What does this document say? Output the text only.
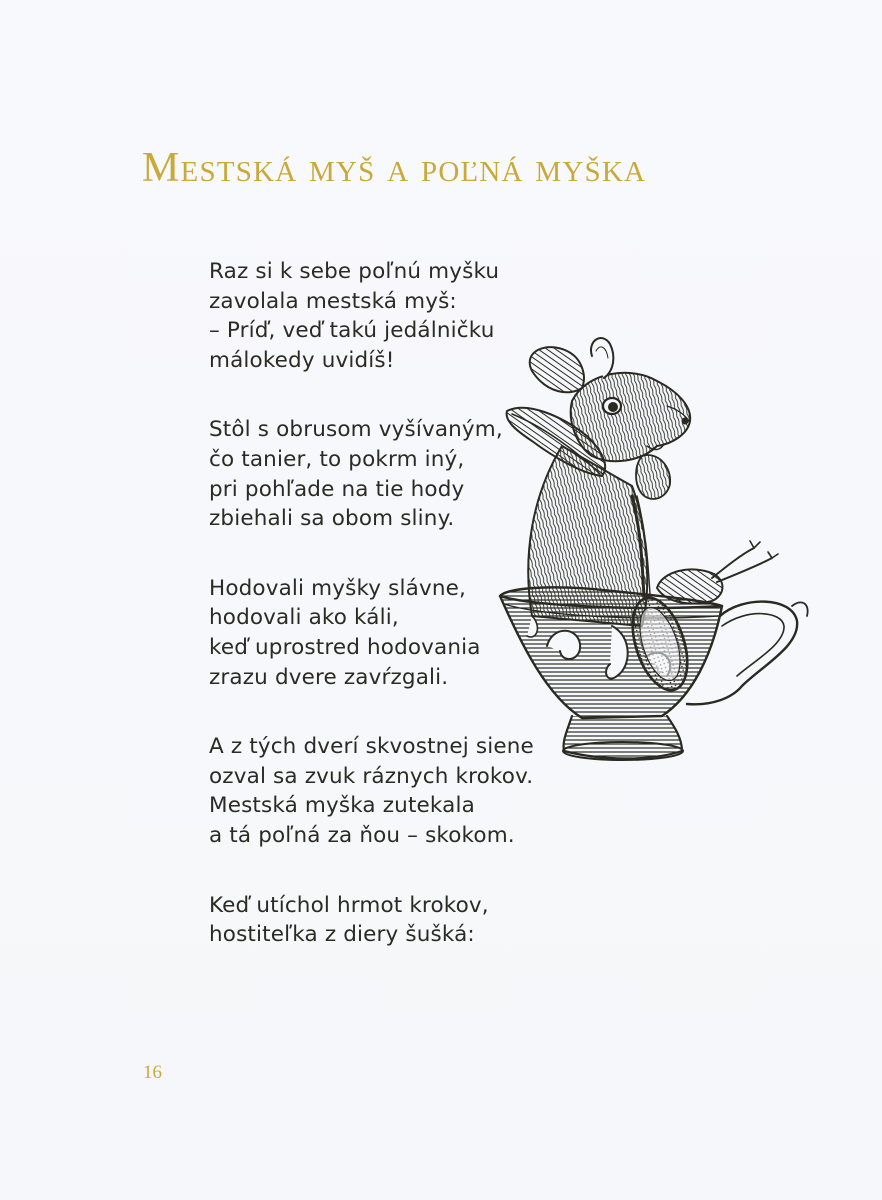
Mestská myš a poľná myška
Raz si k sebe poľnú myšku
zavolala mestská myš:
– Príď, veď takú jedálničku
málokedy uvidíš!
Stôl s obrusom vyšívaným,
čo tanier, to pokrm iný,
pri pohľade na tie hody
zbiehali sa obom sliny.
Hodovali myšky slávne,
hodovali ako káli,
keď uprostred hodovania
zrazu dvere zavŕzgali.
A z tých dverí skvostnej siene
ozval sa zvuk ráznych krokov.
Mestská myška zutekala
a tá poľná za ňou – skokom.
Keď utíchol hrmot krokov,
hostiteľka z diery šušká:
16
